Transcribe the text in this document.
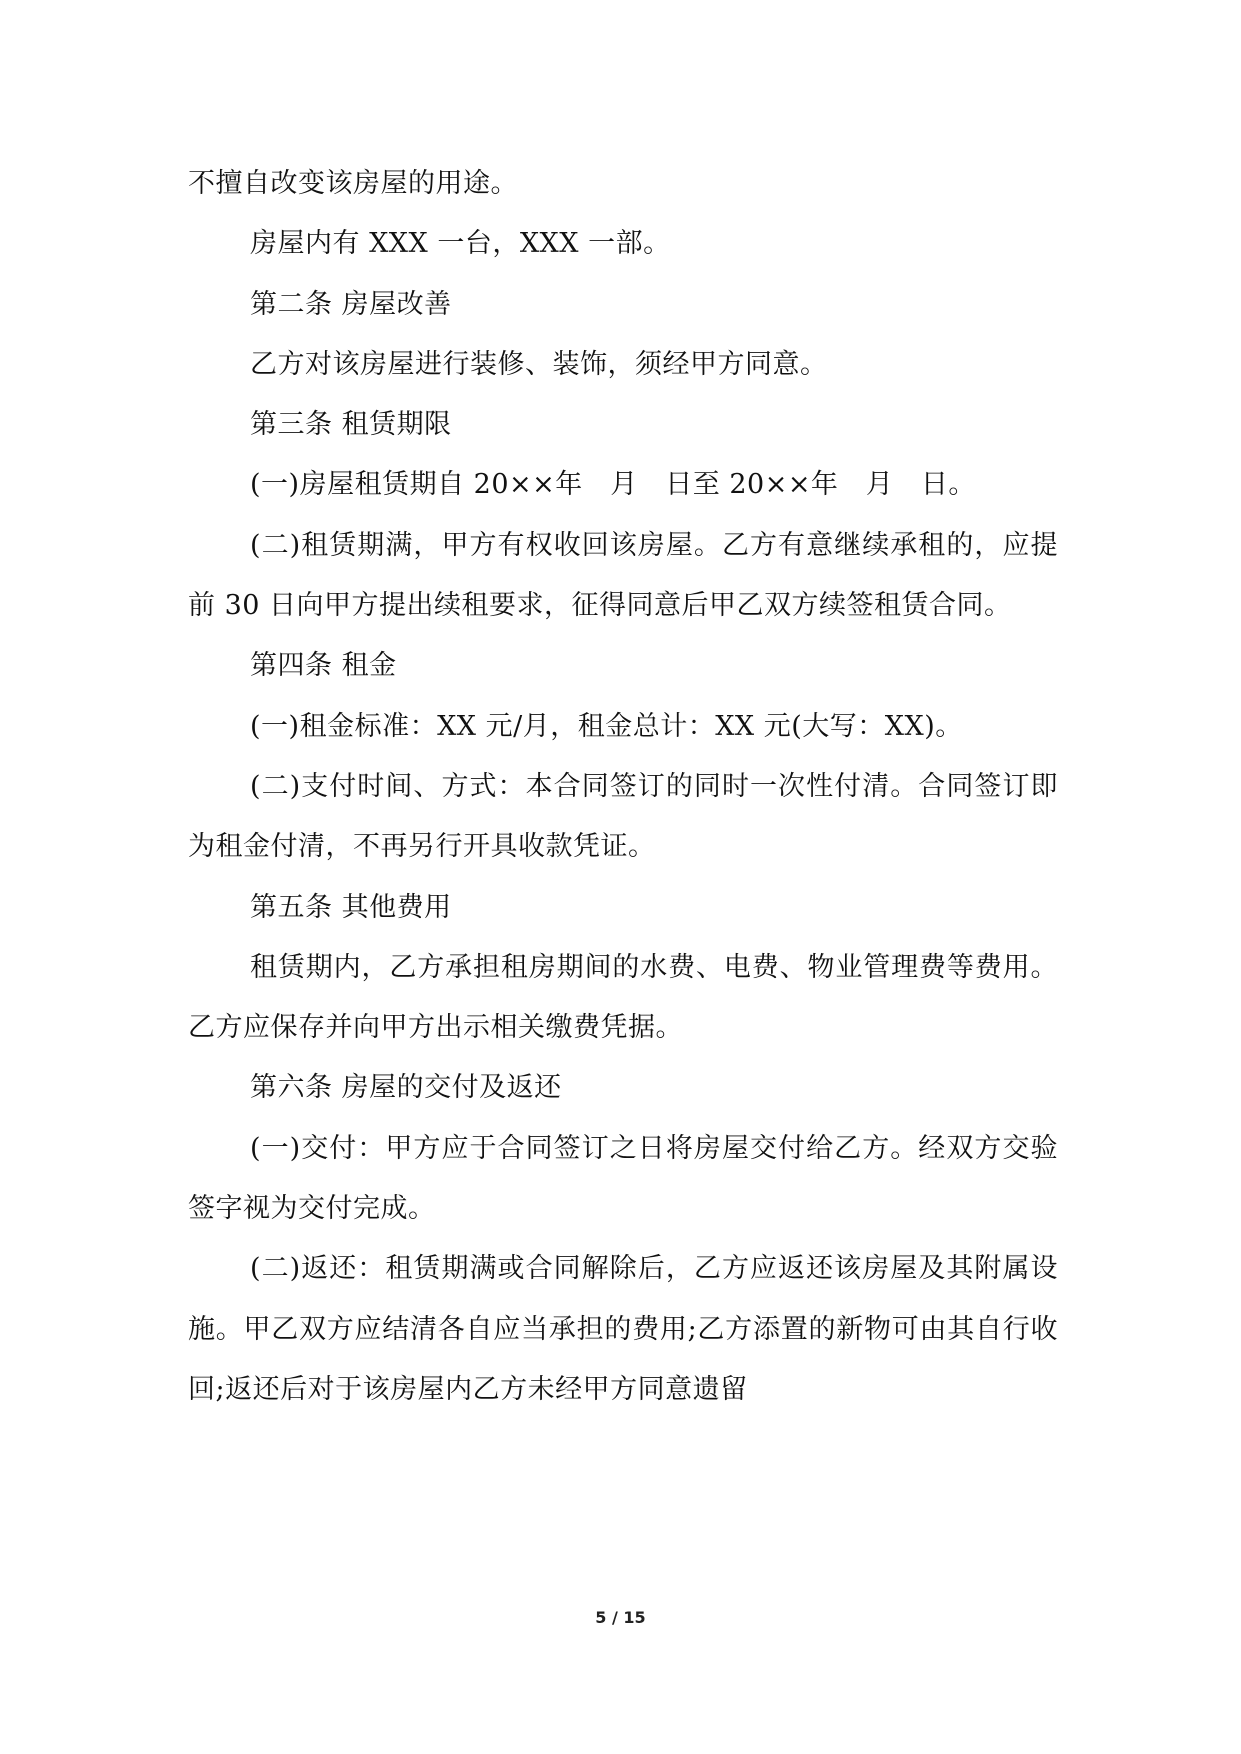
不擅自改变该房屋的用途。

房屋内有 XXX 一台，XXX 一部。

第二条 房屋改善

乙方对该房屋进行装修、装饰，须经甲方同意。

第三条 租赁期限

(一)房屋租赁期自 20××年　月　日至 20××年　月　日。

(二)租赁期满，甲方有权收回该房屋。乙方有意继续承租的，应提前 30 日向甲方提出续租要求，征得同意后甲乙双方续签租赁合同。

第四条 租金

(一)租金标准：XX 元/月，租金总计：XX 元(大写：XX)。

(二)支付时间、方式：本合同签订的同时一次性付清。合同签订即为租金付清，不再另行开具收款凭证。

第五条 其他费用

租赁期内，乙方承担租房期间的水费、电费、物业管理费等费用。乙方应保存并向甲方出示相关缴费凭据。

第六条 房屋的交付及返还

(一)交付：甲方应于合同签订之日将房屋交付给乙方。经双方交验签字视为交付完成。

(二)返还：租赁期满或合同解除后，乙方应返还该房屋及其附属设施。甲乙双方应结清各自应当承担的费用;乙方添置的新物可由其自行收回;返还后对于该房屋内乙方未经甲方同意遗留

5 / 15
